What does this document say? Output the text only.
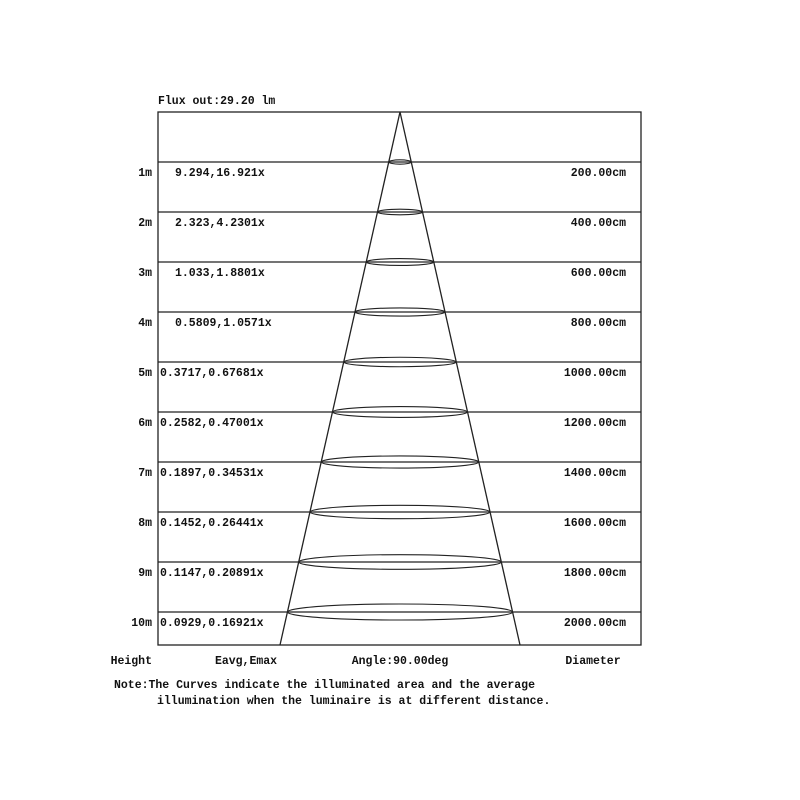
Flux out:29.20 lm
1m 9.294,16.921x	200.00cm
2m 2.323,4.2301x	400.00cm
3m 1.033,1.8801x	600.00cm
4m 0.5809,1.0571x	800.00cm
5m 0.3717,0.67681x	1000.00cm
6m 0.2582,0.47001x	1200.00cm
7m 0.1897,0.34531x	1400.00cm
8m 0.1452,0.26441x	1600.00cm
9m 0.1147,0.20891x	1800.00cm
10m 0.0929,0.16921x	2000.00cm
Height	Eavg,Emax	Angle:90.00deg	Diameter
Note:The Curves indicate the illuminated area and the average
illumination when the luminaire is at different distance.
